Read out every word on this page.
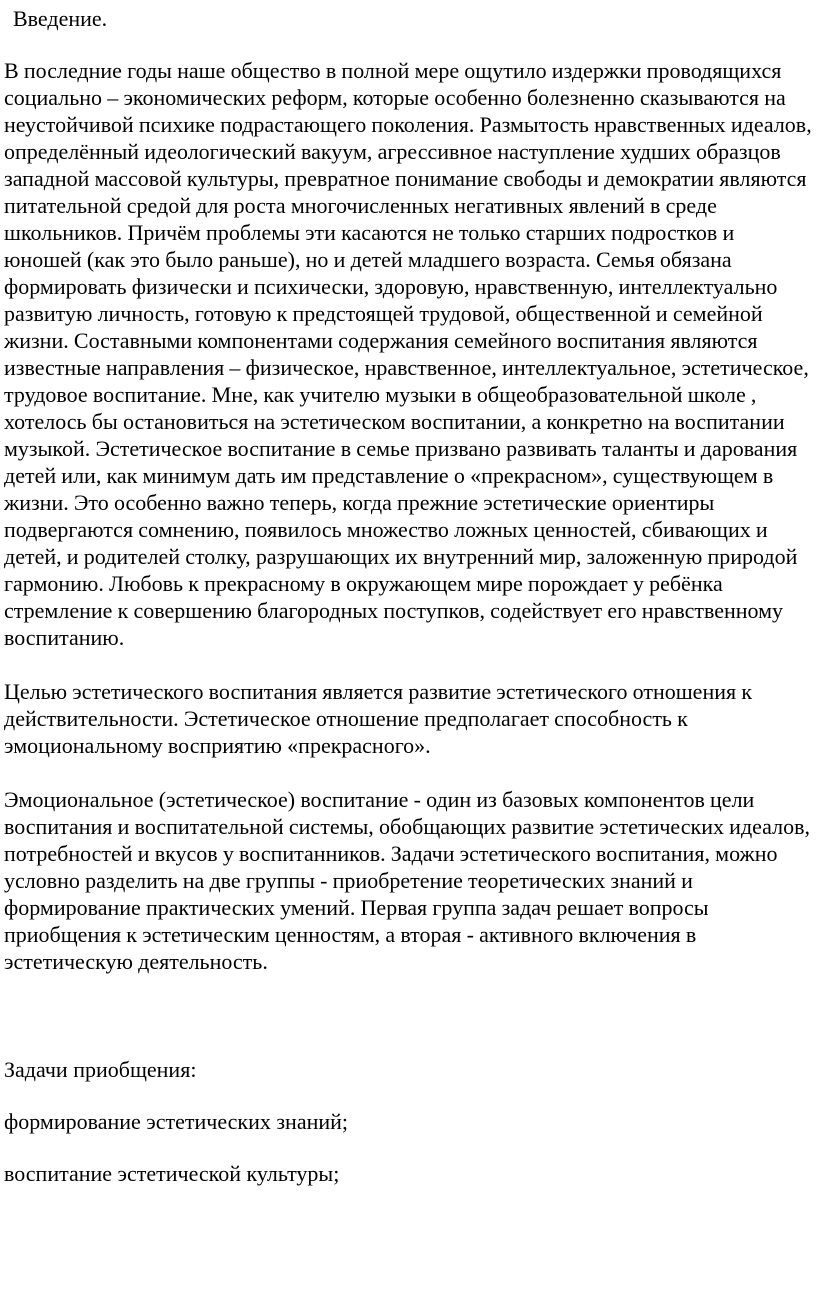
Введение.

В последние годы наше общество в полной мере ощутило издержки проводящихся социально – экономических реформ, которые особенно болезненно сказываются на неустойчивой психике подрастающего поколения. Размытость нравственных идеалов, определённый идеологический вакуум, агрессивное наступление худших образцов западной массовой культуры, превратное понимание свободы и демократии являются питательной средой для роста многочисленных негативных явлений в среде школьников. Причём проблемы эти касаются не только старших подростков и юношей (как это было раньше), но и детей младшего возраста. Семья обязана формировать физически и психически, здоровую, нравственную, интеллектуально развитую личность, готовую к предстоящей трудовой, общественной и семейной жизни. Составными компонентами содержания семейного воспитания являются известные направления – физическое, нравственное, интеллектуальное, эстетическое, трудовое воспитание. Мне, как учителю музыки в общеобразовательной школе , хотелось бы остановиться на эстетическом воспитании, а конкретно на воспитании музыкой. Эстетическое воспитание в семье призвано развивать таланты и дарования детей или, как минимум дать им представление о «прекрасном», существующем в жизни. Это особенно важно теперь, когда прежние эстетические ориентиры подвергаются сомнению, появилось множество ложных ценностей, сбивающих и детей, и родителей столку, разрушающих их внутренний мир, заложенную природой гармонию. Любовь к прекрасному в окружающем мире порождает у ребёнка стремление к совершению благородных поступков, содействует его нравственному воспитанию.

Целью эстетического воспитания является развитие эстетического отношения к действительности. Эстетическое отношение предполагает способность к эмоциональному восприятию «прекрасного».

Эмоциональное (эстетическое) воспитание - один из базовых компонентов цели воспитания и воспитательной системы, обобщающих развитие эстетических идеалов, потребностей и вкусов у воспитанников. Задачи эстетического воспитания, можно условно разделить на две группы - приобретение теоретических знаний и формирование практических умений. Первая группа задач решает вопросы приобщения к эстетическим ценностям, а вторая - активного включения в эстетическую деятельность.

Задачи приобщения:
формирование эстетических знаний;
воспитание эстетической культуры;
